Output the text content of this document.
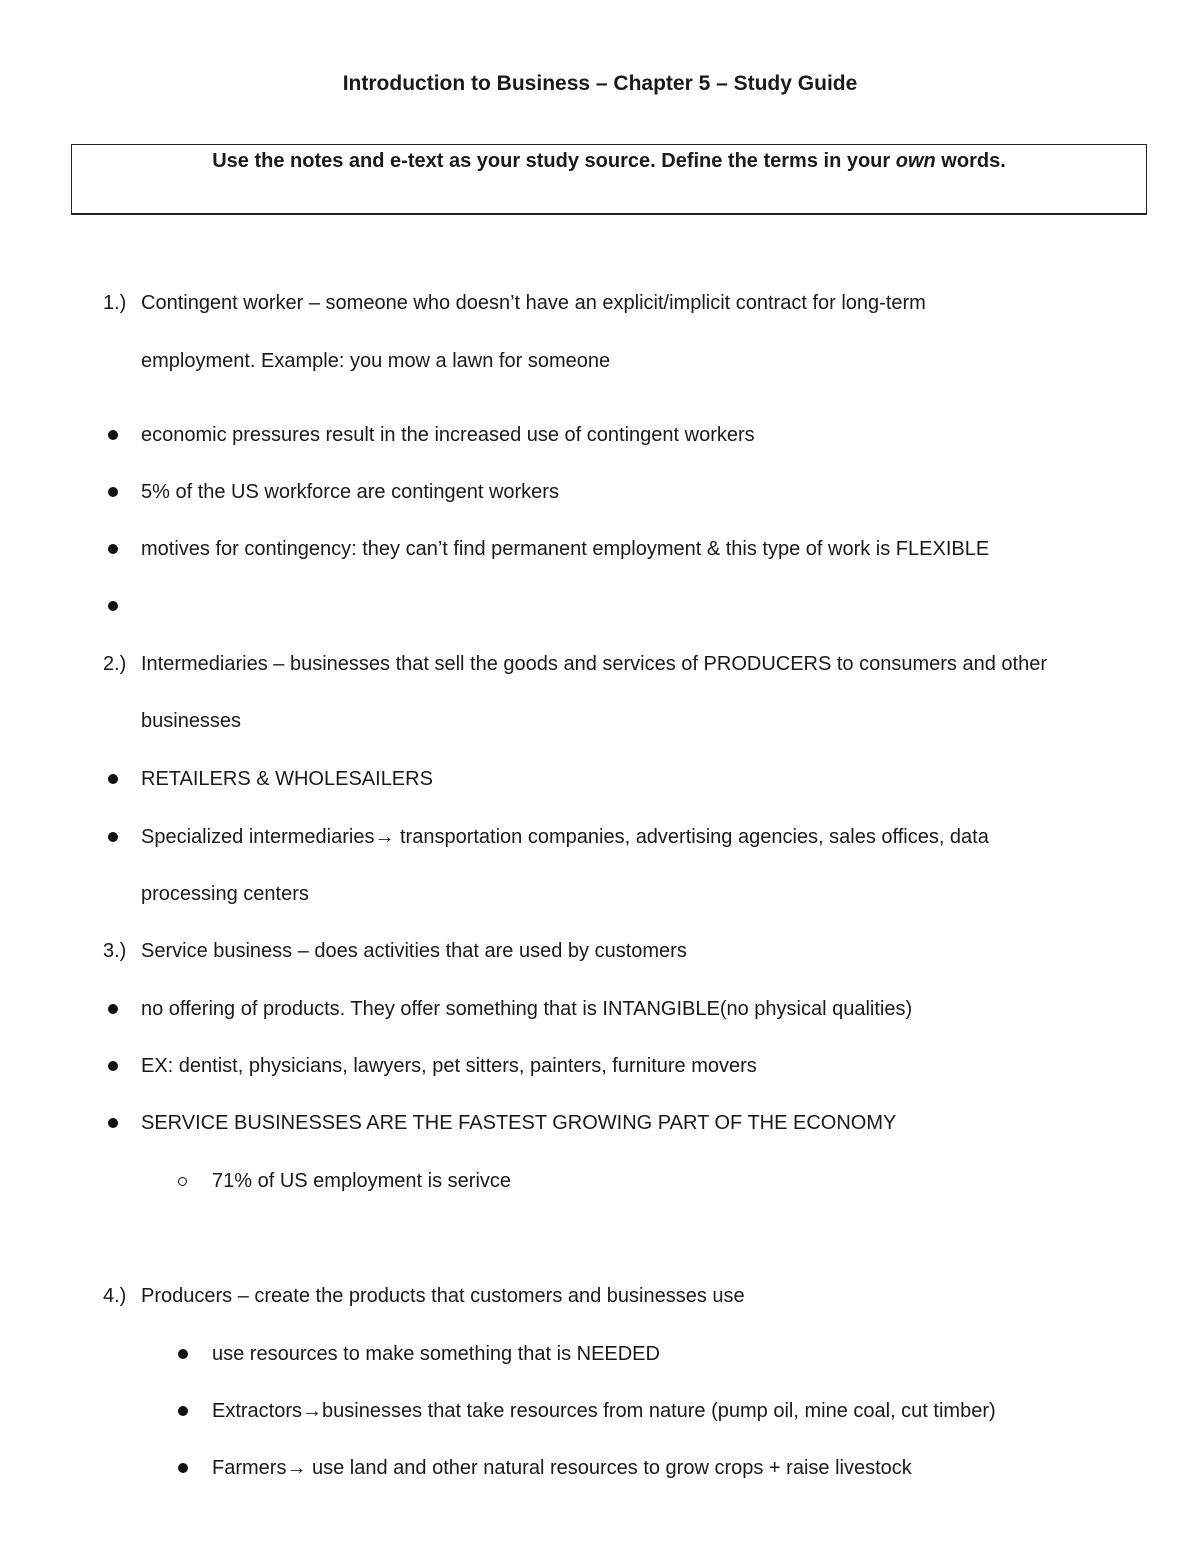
Introduction to Business – Chapter 5 – Study Guide
Use the notes and e-text as your study source. Define the terms in your own words.
1.) Contingent worker – someone who doesn’t have an explicit/implicit contract for long-term
employment. Example: you mow a lawn for someone
economic pressures result in the increased use of contingent workers
5% of the US workforce are contingent workers
motives for contingency: they can’t find permanent employment & this type of work is FLEXIBLE
2.) Intermediaries – businesses that sell the goods and services of PRODUCERS to consumers and other
businesses
RETAILERS & WHOLESAILERS
Specialized intermediaries→ transportation companies, advertising agencies, sales offices, data
processing centers
3.) Service business – does activities that are used by customers
no offering of products. They offer something that is INTANGIBLE(no physical qualities)
EX: dentist, physicians, lawyers, pet sitters, painters, furniture movers
SERVICE BUSINESSES ARE THE FASTEST GROWING PART OF THE ECONOMY
71% of US employment is serivce
4.) Producers – create the products that customers and businesses use
use resources to make something that is NEEDED
Extractors→businesses that take resources from nature (pump oil, mine coal, cut timber)
Farmers→ use land and other natural resources to grow crops + raise livestock
